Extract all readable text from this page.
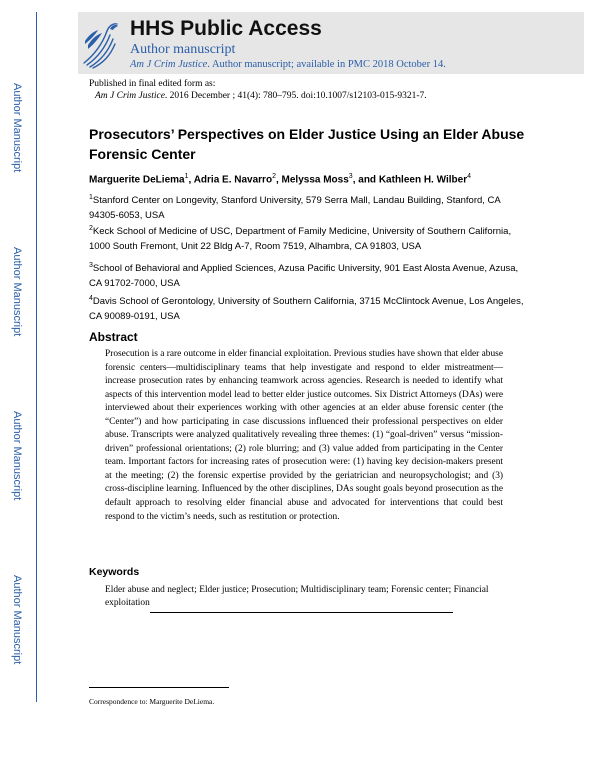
Author Manuscript
Author Manuscript
Author Manuscript
Author Manuscript
HHS Public Access
Author manuscript
Am J Crim Justice. Author manuscript; available in PMC 2018 October 14.
Published in final edited form as:
Am J Crim Justice. 2016 December ; 41(4): 780–795. doi:10.1007/s12103-015-9321-7.
Prosecutors’ Perspectives on Elder Justice Using an Elder Abuse Forensic Center
Marguerite DeLiema$^1$, Adria E. Navarro$^2$, Melyssa Moss$^3$, and Kathleen H. Wilber$^4$
$^1$Stanford Center on Longevity, Stanford University, 579 Serra Mall, Landau Building, Stanford, CA 94305-6053, USA
$^2$Keck School of Medicine of USC, Department of Family Medicine, University of Southern California, 1000 South Fremont, Unit 22 Bldg A-7, Room 7519, Alhambra, CA 91803, USA
$^3$School of Behavioral and Applied Sciences, Azusa Pacific University, 901 East Alosta Avenue, Azusa, CA 91702-7000, USA
$^4$Davis School of Gerontology, University of Southern California, 3715 McClintock Avenue, Los Angeles, CA 90089-0191, USA
Abstract
Prosecution is a rare outcome in elder financial exploitation. Previous studies have shown that elder abuse forensic centers—multidisciplinary teams that help investigate and respond to elder mistreatment—increase prosecution rates by enhancing teamwork across agencies. Research is needed to identify what aspects of this intervention model lead to better elder justice outcomes. Six District Attorneys (DAs) were interviewed about their experiences working with other agencies at an elder abuse forensic center (the “Center”) and how participating in case discussions influenced their professional perspectives on elder abuse. Transcripts were analyzed qualitatively revealing three themes: (1) “goal-driven” versus “mission-driven” professional orientations; (2) role blurring; and (3) value added from participating in the Center team. Important factors for increasing rates of prosecution were: (1) having key decision-makers present at the meeting; (2) the forensic expertise provided by the geriatrician and neuropsychologist; and (3) cross-discipline learning. Influenced by the other disciplines, DAs sought goals beyond prosecution as the default approach to resolving elder financial abuse and advocated for interventions that could best respond to the victim’s needs, such as restitution or protection.
Keywords
Elder abuse and neglect; Elder justice; Prosecution; Multidisciplinary team; Forensic center; Financial exploitation
Correspondence to: Marguerite DeLiema.
